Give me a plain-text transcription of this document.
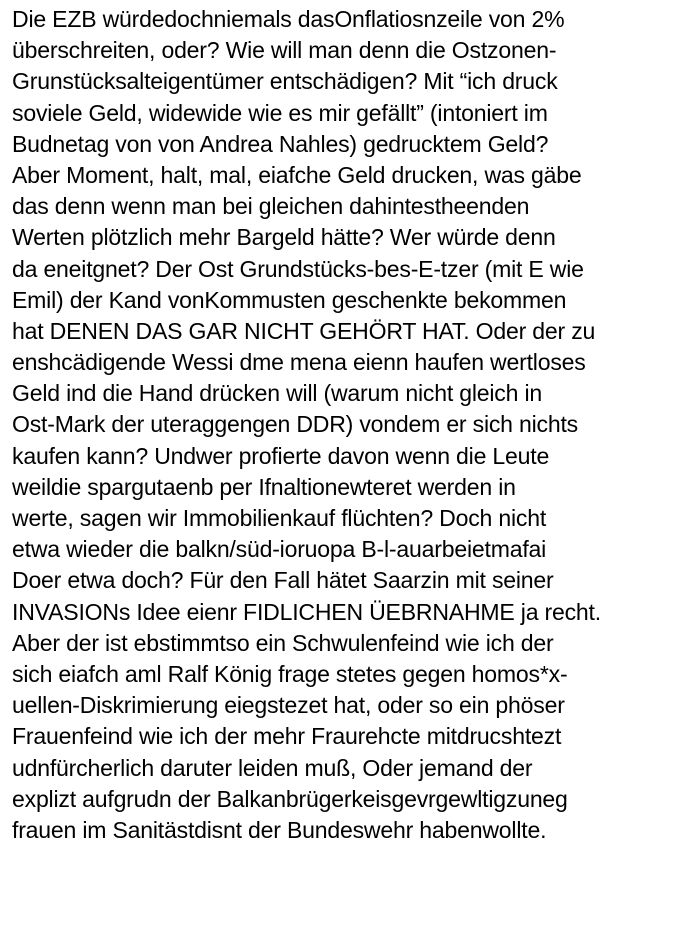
Die EZB würdedochniemals dasOnflatiosnzeile von 2%
überschreiten, oder? Wie will man denn die Ostzonen-
Grunstücksalteigentümer entschädigen? Mit “ich druck
soviele Geld, widewide wie es mir gefällt” (intoniert im
Budnetag von von Andrea Nahles) gedrucktem Geld?
Aber Moment, halt, mal, eiafche Geld drucken, was gäbe
das denn wenn man bei gleichen dahintestheenden
Werten plötzlich mehr Bargeld hätte? Wer würde denn
da eneitgnet? Der Ost Grundstücks-bes-E-tzer (mit E wie
Emil) der Kand vonKommusten geschenkte bekommen
hat DENEN DAS GAR NICHT GEHÖRT HAT. Oder der zu
enshcädigende Wessi dme mena eienn haufen wertloses
Geld ind die Hand drücken will (warum nicht gleich in
Ost-Mark der uteraggengen DDR) vondem er sich nichts
kaufen kann? Undwer profierte davon wenn die Leute
weildie spargutaenb per Ifnaltionewteret werden in
werte, sagen wir Immobilienkauf flüchten? Doch nicht
etwa wieder die balkn/süd-ioruopa B-l-auarbeietmafai
Doer etwa doch? Für den Fall hätet Saarzin mit seiner
INVASIONs Idee eienr FIDLICHEN ÜEBRNAHME ja recht.
Aber der ist ebstimmtso ein Schwulenfeind wie ich der
sich eiafch aml Ralf König frage stetes gegen homos*x-
uellen-Diskrimierung eiegstezet hat, oder so ein phöser
Frauenfeind wie ich der mehr Fraurehcte mitdrucshtezt
udnfürcherlich daruter leiden muß, Oder jemand der
explizt aufgrudn der Balkanbrügerkeisgevrgewltigzuneg
frauen im Sanitästdisnt der Bundeswehr habenwollte.
